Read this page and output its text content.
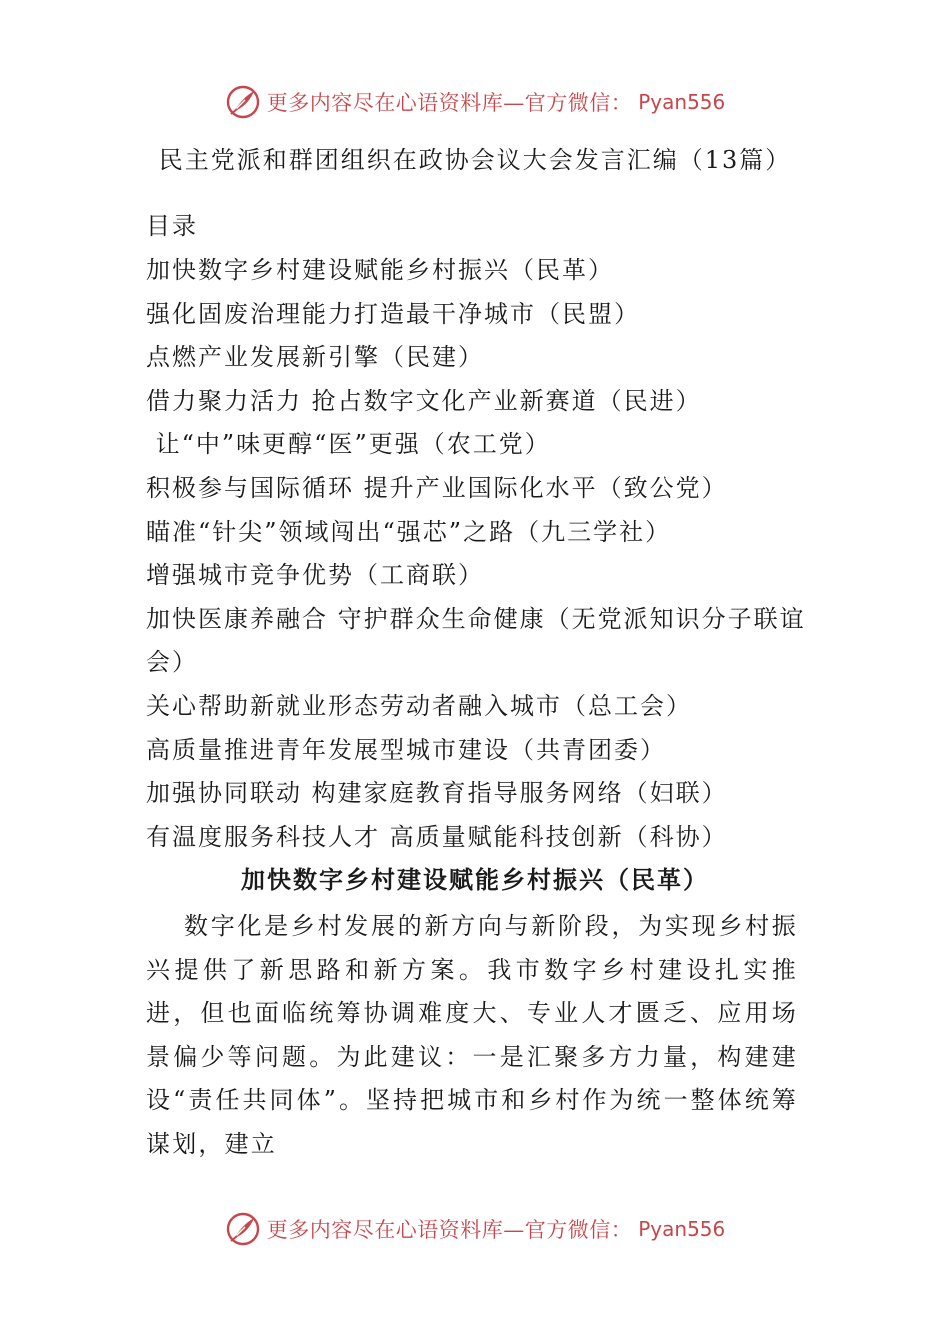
更多内容尽在心语资料库—官方微信： Pyan556
民主党派和群团组织在政协会议大会发言汇编（13篇）
目录
加快数字乡村建设赋能乡村振兴（民革）
强化固废治理能力打造最干净城市（民盟）
点燃产业发展新引擎（民建）
借力聚力活力 抢占数字文化产业新赛道（民进）
让“中”味更醇“医”更强（农工党）
积极参与国际循环 提升产业国际化水平（致公党）
瞄准“针尖”领域闯出“强芯”之路（九三学社）
增强城市竞争优势（工商联）
加快医康养融合 守护群众生命健康（无党派知识分子联谊会）
关心帮助新就业形态劳动者融入城市（总工会）
高质量推进青年发展型城市建设（共青团委）
加强协同联动 构建家庭教育指导服务网络（妇联）
有温度服务科技人才 高质量赋能科技创新（科协）
加快数字乡村建设赋能乡村振兴（民革）

数字化是乡村发展的新方向与新阶段，为实现乡村振兴提供了新思路和新方案。我市数字乡村建设扎实推进，但也面临统筹协调难度大、专业人才匮乏、应用场景偏少等问题。为此建议：一是汇聚多方力量，构建建设“责任共同体”。坚持把城市和乡村作为统一整体统筹谋划，建立

更多内容尽在心语资料库—官方微信： Pyan556
